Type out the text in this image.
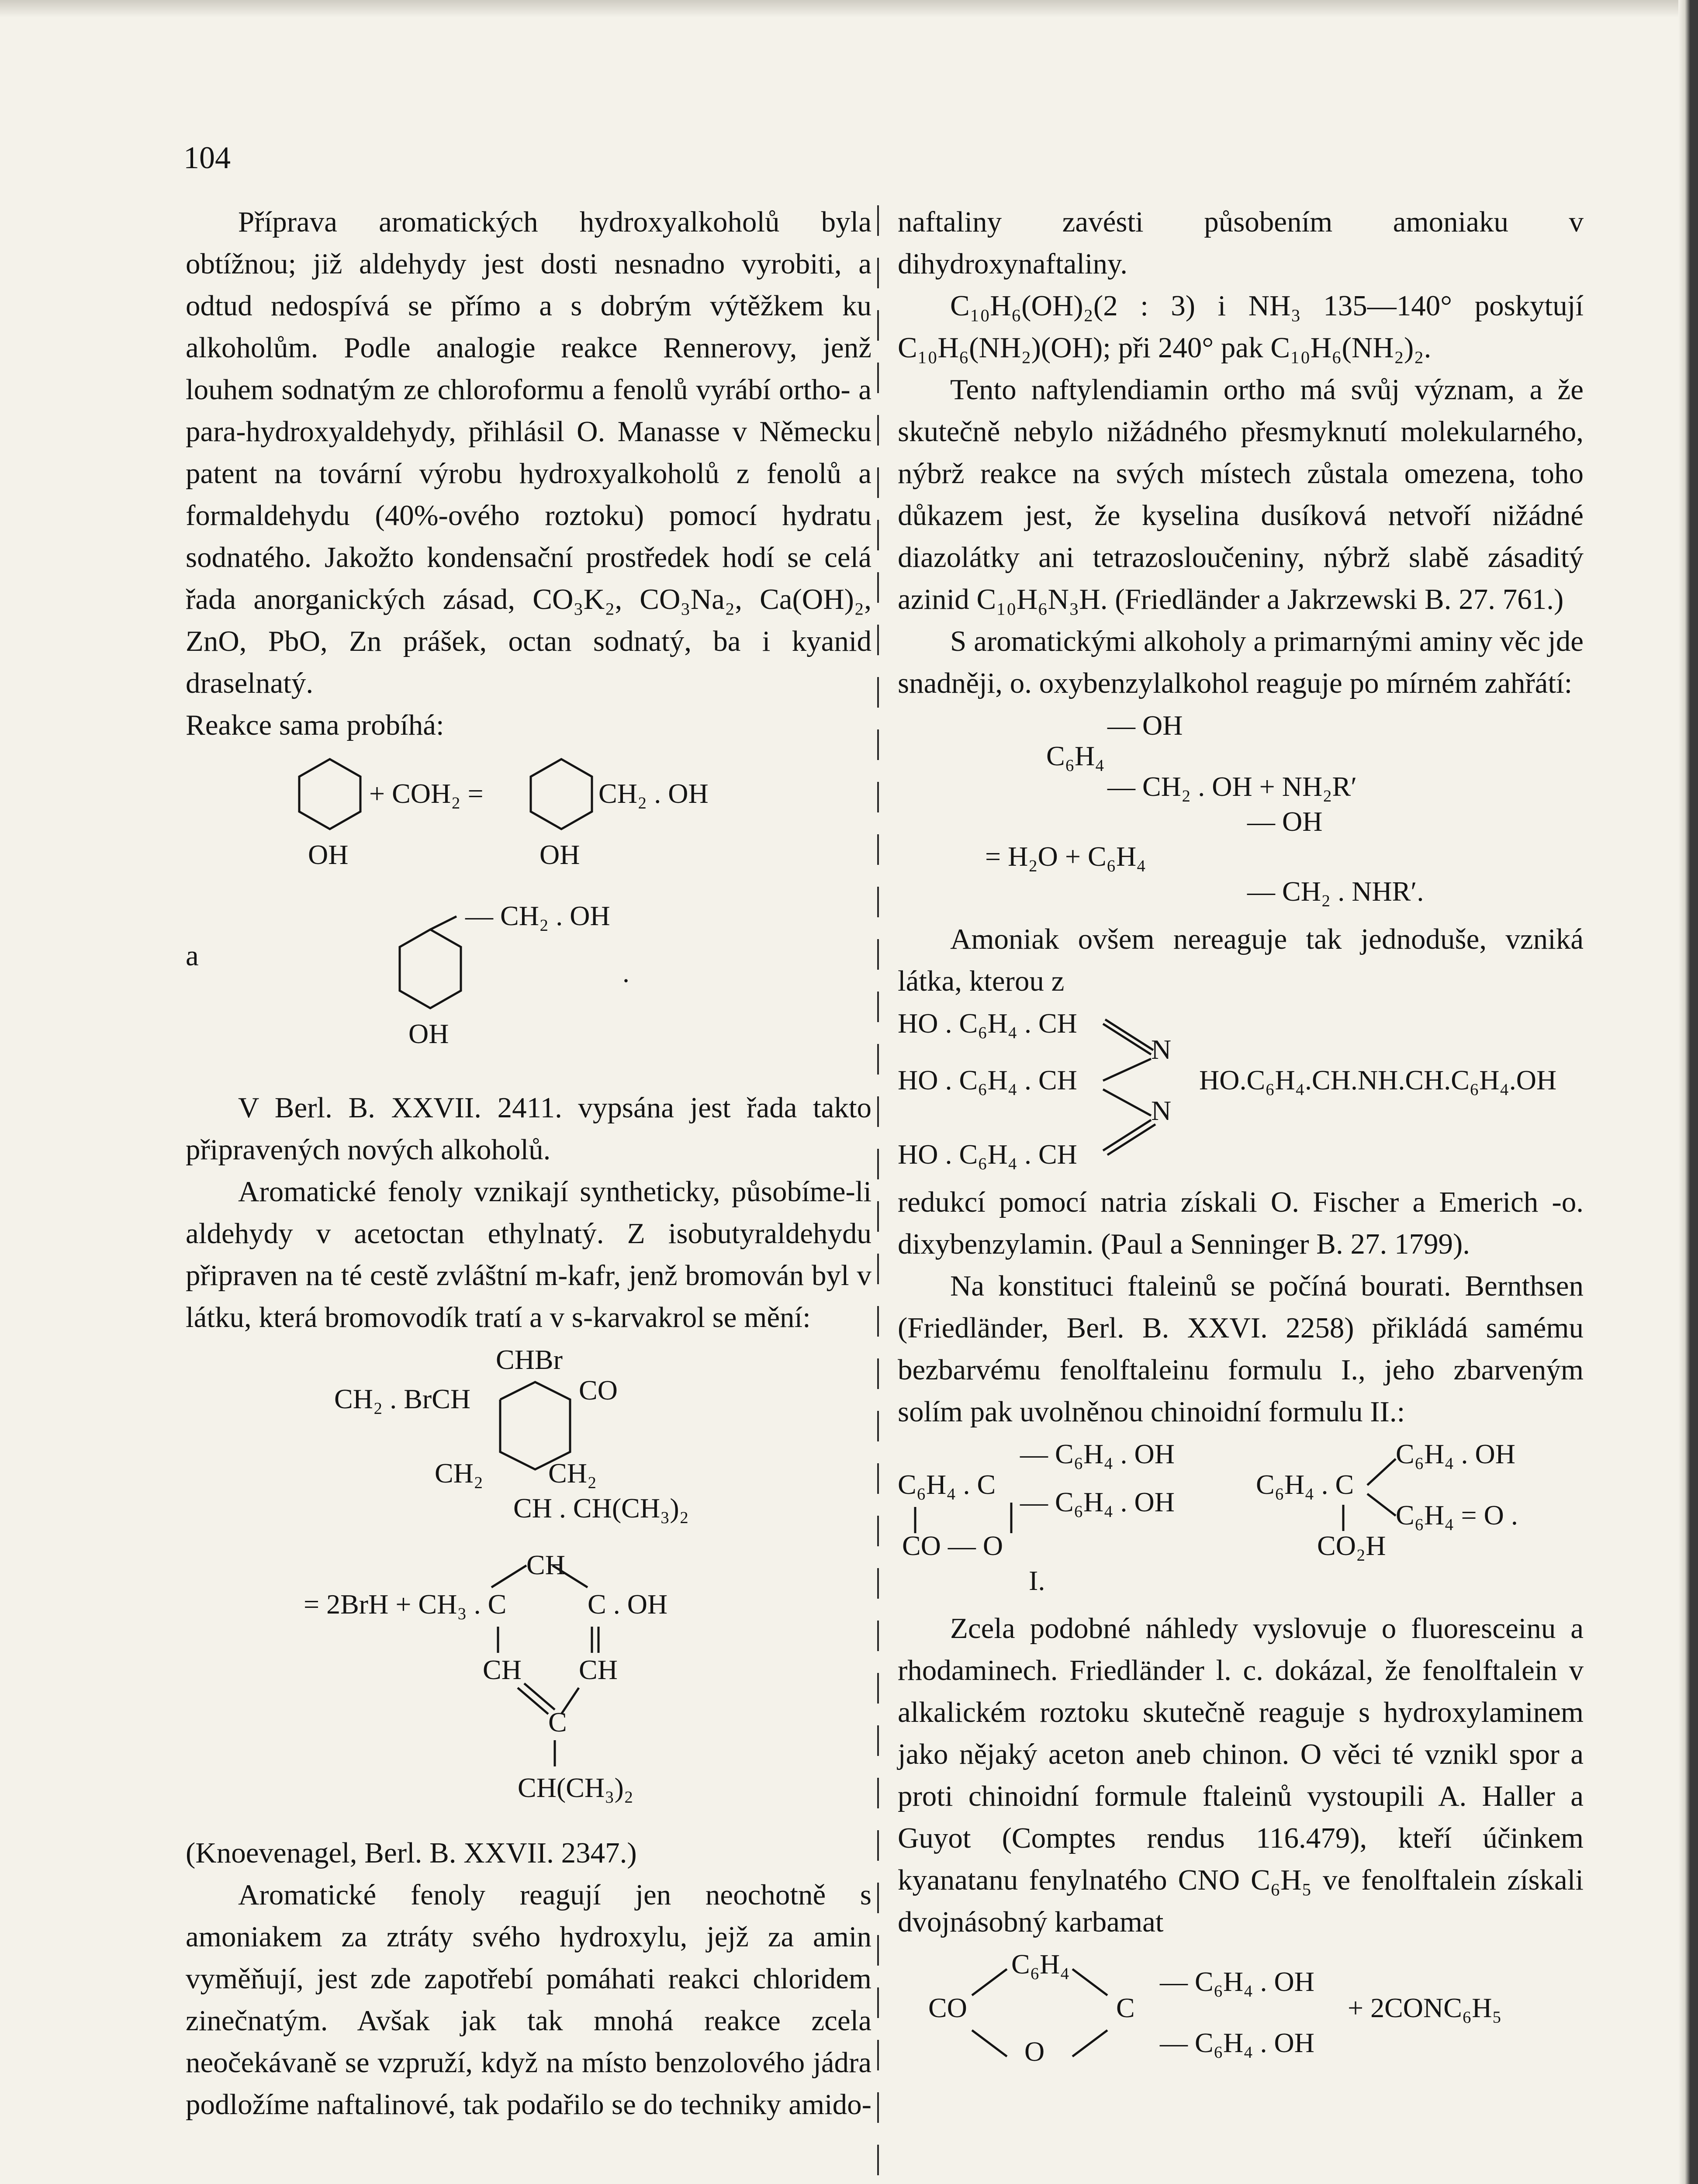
104

Příprava aromatických hydroxyalkoholů byla obtížnou; již aldehydy jest dosti nesnadno vyrobiti, a odtud nedospívá se přímo a s dobrým výtěžkem ku alkoholům. Podle analogie reakce Rennerovy, jenž louhem sodnatým ze chloroformu a fenolů vyrábí ortho- a para-hydroxyaldehydy, přihlásil O. Manasse v Německu patent na tovární výrobu hydroxyalkoholů z fenolů a formaldehydu (40%-ového roztoku) pomocí hydratu sodnatého. Jakožto kondensační prostředek hodí se celá řada anorganických zásad, CO₃K₂, CO₃Na₂, Ca(OH)₂, ZnO, PbO, Zn prášek, octan sodnatý, ba i kyanid draselnatý.

Reakce sama probíhá:

+ COH₂ =	CH₂ . OH
OH	OH
— CH₂ . OH
.
OH

V Berl. B. XXVII. 2411. vypsána jest řada takto připravených nových alkoholů.

Aromatické fenoly vznikají syntheticky, působíme-li aldehydy v acetoctan ethylnatý. Z isobutyraldehydu připraven na té cestě zvláštní m-kafr, jenž bromován byl v látku, která bromovodík tratí a v s-karvakrol se mění:

CHBr
CH₂ . BrCH	CO
CH₂ CH₂
CH . CH(CH₃)₂
CH
= 2BrH + CH₃ . C	C . OH
CH CH
C
CH(CH₃)₂

(Knoevenagel, Berl. B. XXVII. 2347.)

Aromatické fenoly reagují jen neochotně s amoniakem za ztráty svého hydroxylu, jejž za amin vyměňují, jest zde zapotřebí pomáhati reakci chloridem zinečnatým. Avšak jak tak mnohá reakce zcela neočekávaně se vzpruží, když na místo benzolového jádra podložíme naftalinové, tak podařilo se do techniky amido-

a

naftaliny zavésti působením amoniaku v dihydroxynaftaliny.

C₁₀H₆(OH)₂(2 : 3) i NH₃ 135—140° poskytují C₁₀H₆(NH₂)(OH); při 240° pak C₁₀H₆(NH₂)₂.

Tento naftylendiamin ortho má svůj význam, a že skutečně nebylo nižádného přesmyknutí molekularného, nýbrž reakce na svých místech zůstala omezena, toho důkazem jest, že kyselina dusíková netvoří nižádné diazolátky ani tetrazosloučeniny, nýbrž slabě zásaditý azinid C₁₀H₆N₃H. (Friedländer a Jakrzewski B. 27. 761.)

S aromatickými alkoholy a primarnými aminy věc jde snadněji, o. oxybenzylalkohol reaguje po mírném zahřátí:

— OH
C₆H₄
— CH₂ . OH + NH₂R′
— OH
= H₂O + C₆H₄
— CH₂ . NHR′.

Amoniak ovšem nereaguje tak jednoduše, vzniká látka, kterou z

HO . C₆H₄ . CH
N
HO . C₆H₄ . CH	HO.C₆H₄.CH.NH.CH.C₆H₄.OH
N
HO . C₆H₄ . CH

redukcí pomocí natria získali O. Fischer a Emerich -o. dixybenzylamin. (Paul a Senninger B. 27. 1799).

Na konstituci ftaleinů se počíná bourati. Bernthsen (Friedländer, Berl. B. XXVI. 2258) přikládá samému bezbarvému fenolftaleinu formulu I., jeho zbarveným solím pak uvolněnou chinoidní formulu II.:

— C₆H₄ . OH
C₆H₄ . C
— C₆H₄ . OH
CO — O
I.
C₆H₄ . OH
C₆H₄ . C
C₆H₄ = O .
CO₂H

Zcela podobné náhledy vyslovuje o fluoresceinu a rhodaminech. Friedländer l. c. dokázal, že fenolftalein v alkalickém roztoku skutečně reaguje s hydroxylaminem jako nějaký aceton aneb chinon. O věci té vznikl spor a proti chinoidní formule ftaleinů vystoupili A. Haller a Guyot (Comptes rendus 116.479), kteří účinkem kyanatanu fenylnatého CNO C₆H₅ ve fenolftalein získali dvojnásobný karbamat

C₆H₄
CO	C
— C₆H₄ . OH
+ 2CONC₆H₅
O	— C₆H₄ . OH
